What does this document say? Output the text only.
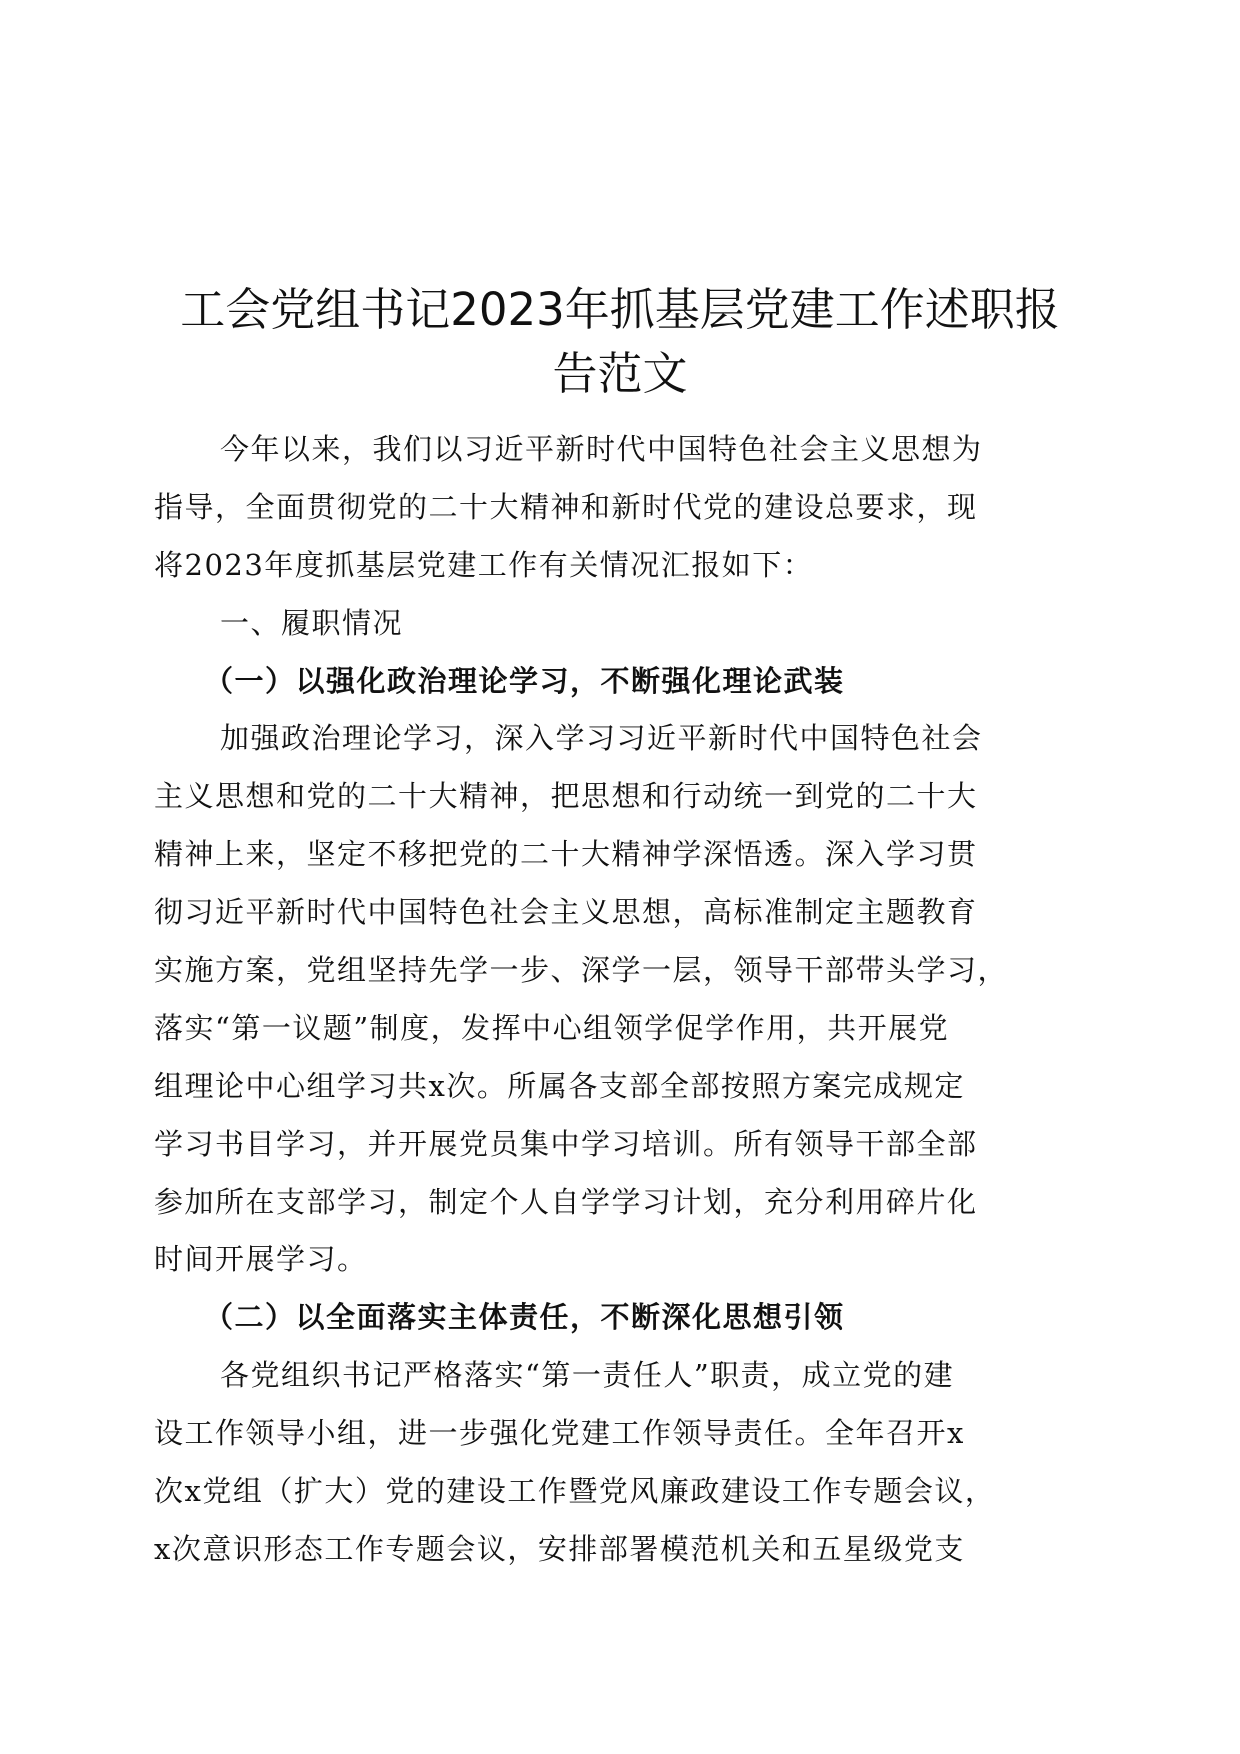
工会党组书记2023年抓基层党建工作述职报
告范文
今年以来，我们以习近平新时代中国特色社会主义思想为
指导，全面贯彻党的二十大精神和新时代党的建设总要求，现
将2023年度抓基层党建工作有关情况汇报如下：
一、履职情况
（一）以强化政治理论学习，不断强化理论武装
加强政治理论学习，深入学习习近平新时代中国特色社会
主义思想和党的二十大精神，把思想和行动统一到党的二十大
精神上来，坚定不移把党的二十大精神学深悟透。深入学习贯
彻习近平新时代中国特色社会主义思想，高标准制定主题教育
实施方案，党组坚持先学一步、深学一层，领导干部带头学习，
落实“第一议题”制度，发挥中心组领学促学作用，共开展党
组理论中心组学习共x次。所属各支部全部按照方案完成规定
学习书目学习，并开展党员集中学习培训。所有领导干部全部
参加所在支部学习，制定个人自学学习计划，充分利用碎片化
时间开展学习。
（二）以全面落实主体责任，不断深化思想引领
各党组织书记严格落实“第一责任人”职责，成立党的建
设工作领导小组，进一步强化党建工作领导责任。全年召开x
次x党组（扩大）党的建设工作暨党风廉政建设工作专题会议，
x次意识形态工作专题会议，安排部署模范机关和五星级党支
